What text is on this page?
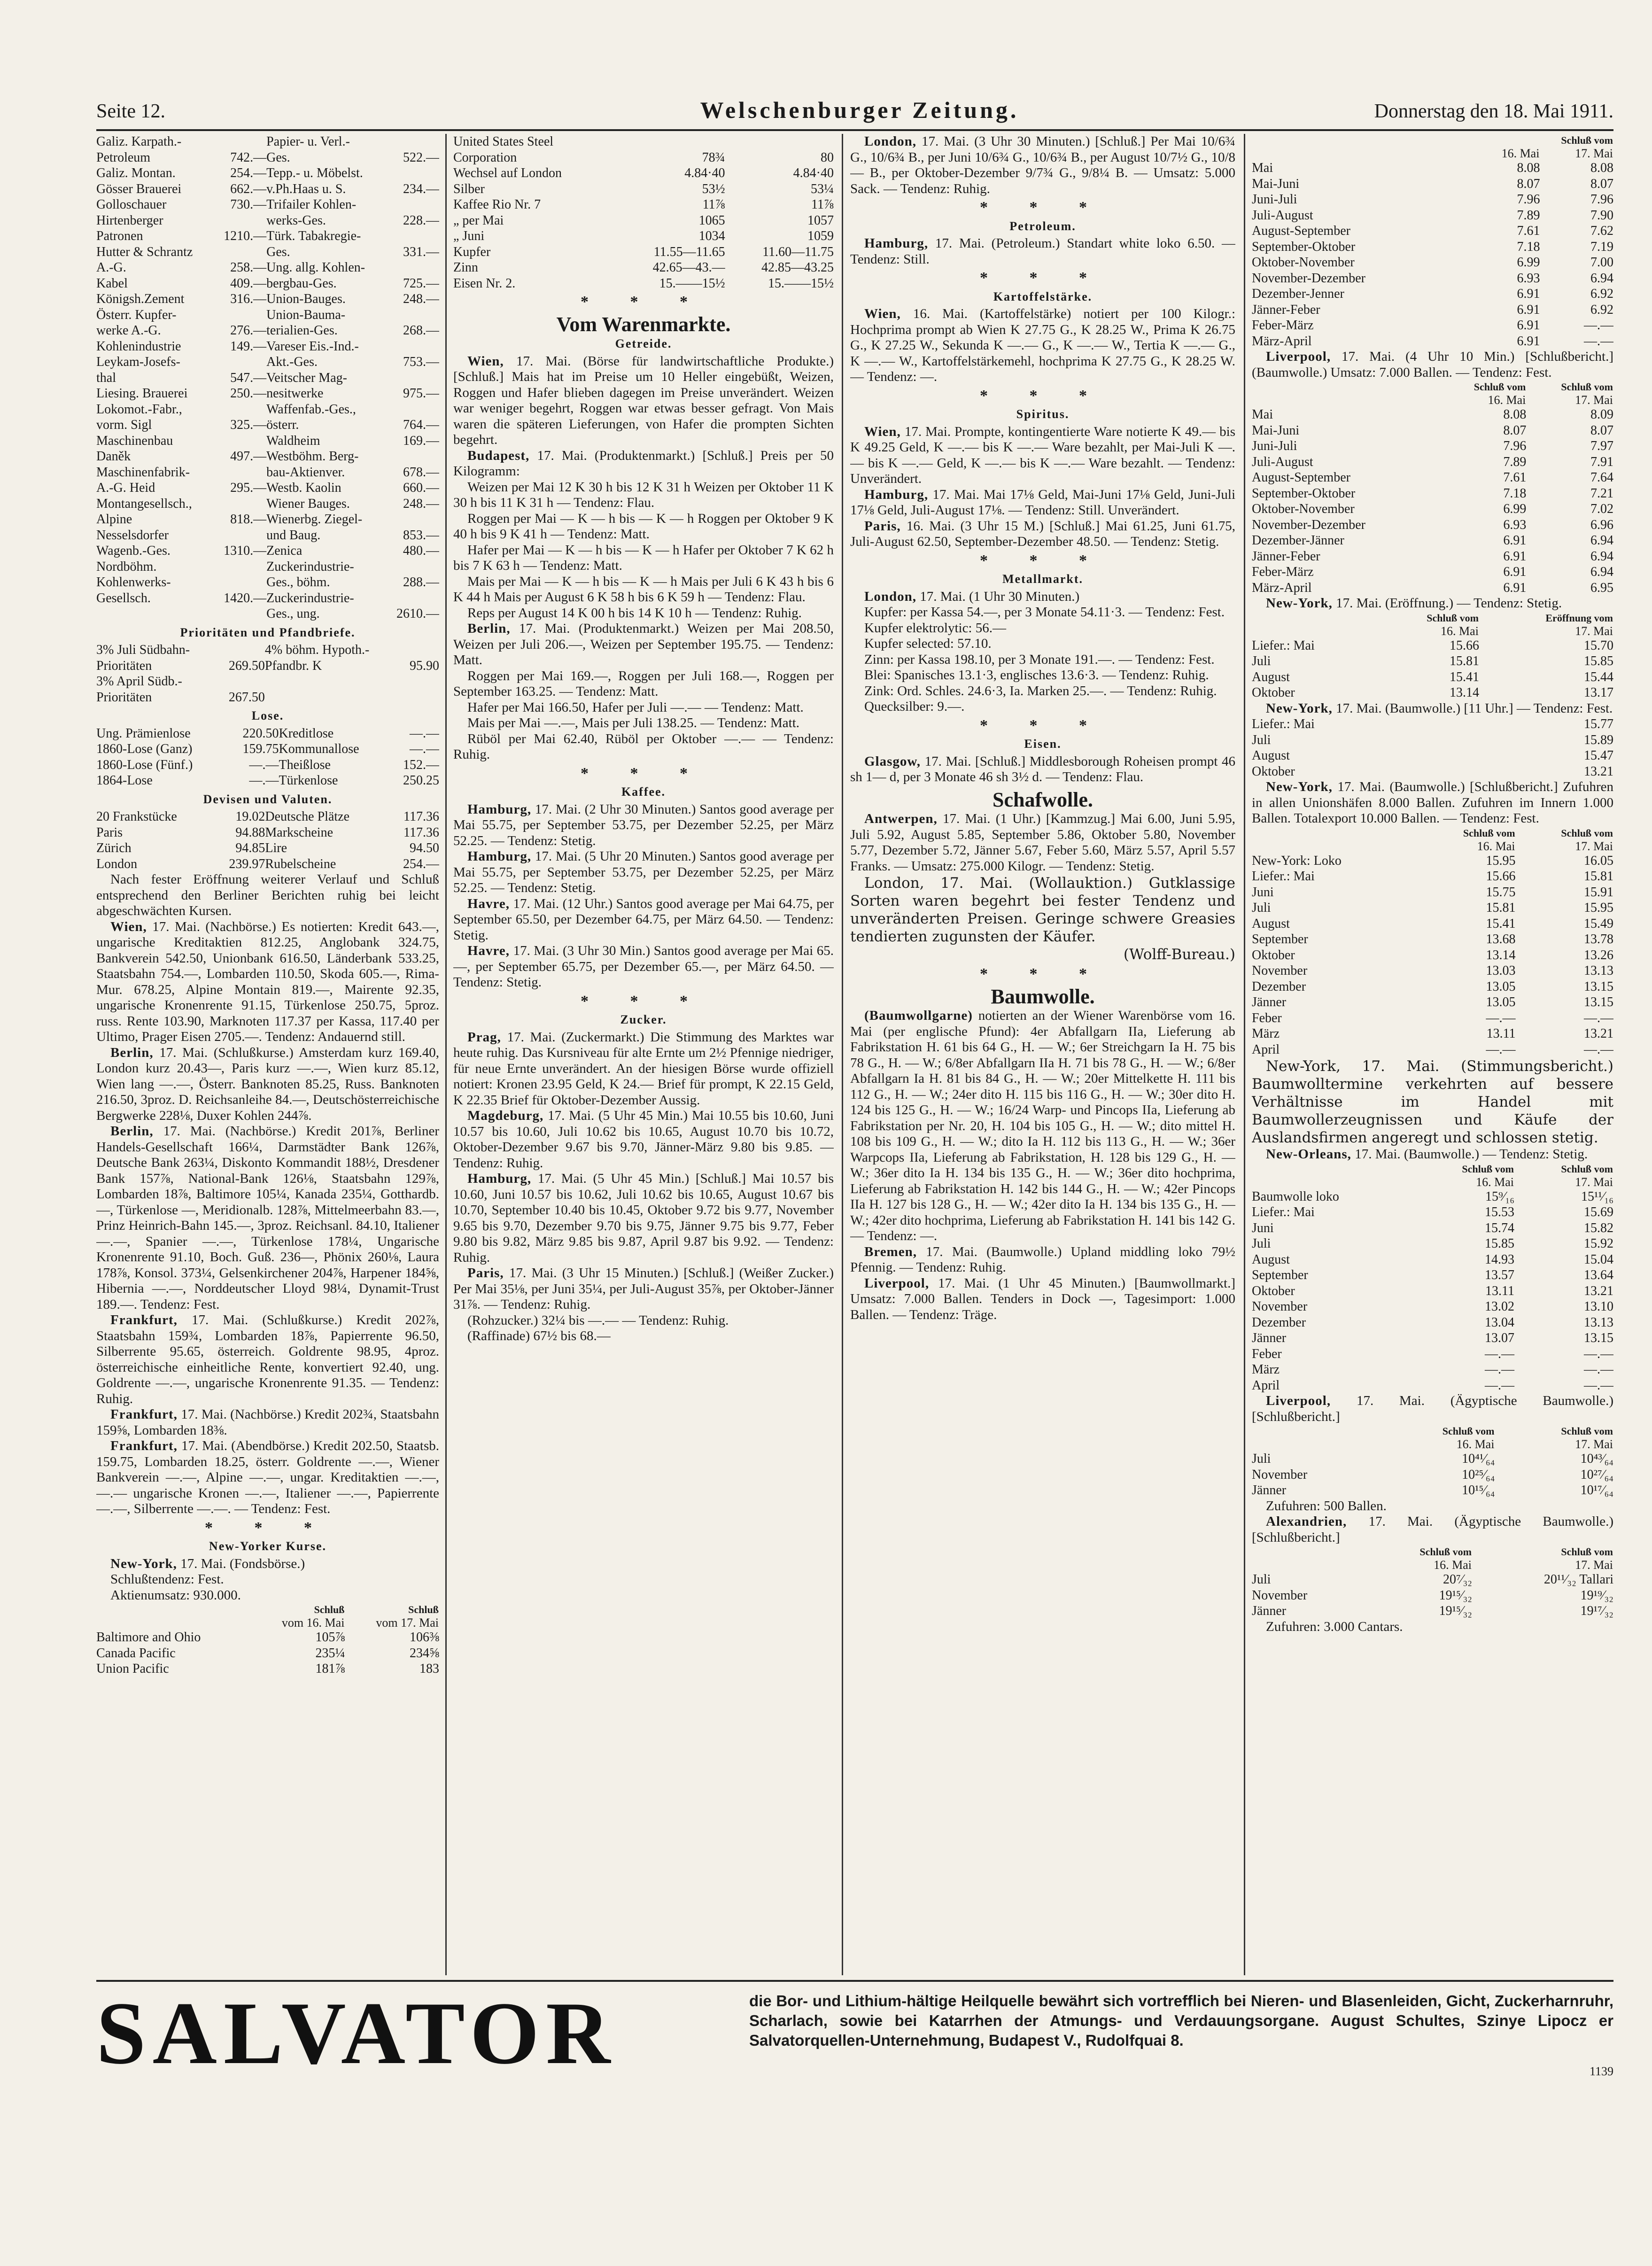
Seite 12.	Welschenburger Zeitung.	Donnerstag den 18. Mai 1911.
Galiz. Karpath.-		Papier- u. Verl.-	
Petroleum	742.—	Ges.	522.—
Galiz. Montan.	254.—	Tepp.- u. Möbelst.	
Gösser Brauerei	662.—	v.Ph.Haas u. S.	234.—
Golloschauer	730.—	Trifailer Kohlen-	
Hirtenberger		werks-Ges.	228.—
Patronen	1210.—	Türk. Tabakregie-	
Hutter & Schrantz		Ges.	331.—
A.-G.	258.—	Ung. allg. Kohlen-	
Kabel	409.—	bergbau-Ges.	725.—
Königsh.Zement	316.—	Union-Bauges.	248.—
Österr. Kupfer-		Union-Bauma-	
werke A.-G.	276.—	terialien-Ges.	268.—
Kohlenindustrie	149.—	Vareser Eis.-Ind.-	
Leykam-Josefs-		Akt.-Ges.	753.—
thal	547.—	Veitscher Mag-	
Liesing. Brauerei	250.—	nesitwerke	975.—
Lokomot.-Fabr.,		Waffenfab.-Ges.,	
vorm. Sigl	325.—	österr.	764.—
Maschinenbau		Waldheim	169.—
Daněk	497.—	Westböhm. Berg-	
Maschinenfabrik-		bau-Aktienver.	678.—
A.-G. Heid	295.—	Westb. Kaolin	660.—
Montangesellsch.,		Wiener Bauges.	248.—
Alpine	818.—	Wienerbg. Ziegel-	
Nesselsdorfer		und Baug.	853.—
Wagenb.-Ges.	1310.—	Zenica	480.—
Nordböhm.		Zuckerindustrie-	
Kohlenwerks-		Ges., böhm.	288.—
Gesellsch.	1420.—	Zuckerindustrie-	
		Ges., ung.	2610.—
Prioritäten und Pfandbriefe.
3% Juli Südbahn-		4% böhm. Hypoth.-	
Prioritäten	269.50	Pfandbr. K	95.90
3% April Südb.-			
Prioritäten	267.50		
Lose.
Ung. Prämienlose	220.50	Kreditlose	—.—
1860-Lose (Ganz)	159.75	Kommunallose	—.—
1860-Lose (Fünf.)	—.—	Theißlose	152.—
1864-Lose	—.—	Türkenlose	250.25
Devisen und Valuten.
20 Frankstücke	19.02	Deutsche Plätze	117.36
Paris	94.88	Markscheine	117.36
Zürich	94.85	Lire	94.50
London	239.97	Rubelscheine	254.—

Nach fester Eröffnung weiterer Verlauf und Schluß entsprechend den Berliner Berichten ruhig bei leicht abgeschwächten Kursen.

Wien, 17. Mai. (Nachbörse.) Es notierten: Kredit 643.—, ungarische Kreditaktien 812.25, Anglobank 324.75, Bankverein 542.50, Unionbank 616.50, Länderbank 533.25, Staatsbahn 754.—, Lombarden 110.50, Skoda 605.—, Rima-Mur. 678.25, Alpine Montain 819.—, Mairente 92.35, ungarische Kronenrente 91.15, Türkenlose 250.75, 5proz. russ. Rente 103.90, Marknoten 117.37 per Kassa, 117.40 per Ultimo, Prager Eisen 2705.—. Tendenz: Andauernd still.

Berlin, 17. Mai. (Schlußkurse.) Amsterdam kurz 169.40, London kurz 20.43—, Paris kurz —.—, Wien kurz 85.12, Wien lang —.—, Österr. Banknoten 85.25, Russ. Banknoten 216.50, 3proz. D. Reichsanleihe 84.—, Deutschösterreichische Bergwerke 228⅛, Duxer Kohlen 244⅞.

Berlin, 17. Mai. (Nachbörse.) Kredit 201⅞, Berliner Handels-Gesellschaft 166¼, Darmstädter Bank 126⅞, Deutsche Bank 263¼, Diskonto Kommandit 188½, Dresdener Bank 157⅞, National-Bank 126⅛, Staatsbahn 129⅞, Lombarden 18⅞, Baltimore 105¼, Kanada 235¼, Gotthardb. —, Türkenlose —, Meridionalb. 128⅞, Mittelmeerbahn 83.—, Prinz Heinrich-Bahn 145.—, 3proz. Reichsanl. 84.10, Italiener —.—, Spanier —.—, Türkenlose 178¼, Ungarische Kronenrente 91.10, Boch. Guß. 236—, Phönix 260⅛, Laura 178⅞, Konsol. 373¼, Gelsenkirchener 204⅞, Harpener 184⅝, Hibernia —.—, Norddeutscher Lloyd 98¼, Dynamit-Trust 189.—. Tendenz: Fest.

Frankfurt, 17. Mai. (Schlußkurse.) Kredit 202⅞, Staatsbahn 159¾, Lombarden 18⅞, Papierrente 96.50, Silberrente 95.65, österreich. Goldrente 98.95, 4proz. österreichische einheitliche Rente, konvertiert 92.40, ung. Goldrente —.—, ungarische Kronenrente 91.35. — Tendenz: Ruhig.

Frankfurt, 17. Mai. (Nachbörse.) Kredit 202¾, Staatsbahn 159⅝, Lombarden 18⅜.

Frankfurt, 17. Mai. (Abendbörse.) Kredit 202.50, Staatsb. 159.75, Lombarden 18.25, österr. Goldrente —.—, Wiener Bankverein —.—, Alpine —.—, ungar. Kreditaktien —.—, —.— ungarische Kronen —.—, Italiener —.—, Papierrente —.—, Silberrente —.—. — Tendenz: Fest.

* * *
New-Yorker Kurse.

New-York, 17. Mai. (Fondsbörse.)

Schlußtendenz: Fest.

Aktienumsatz: 930.000.

	Schluß	Schluß
	vom 16. Mai	vom 17. Mai
Baltimore and Ohio	105⅞	106⅜
Canada Pacific	235¼	234⅝
Union Pacific	181⅞	183
United States Steel		
Corporation	78¾	80
Wechsel auf London	4.84·40	4.84·40
Silber	53½	53¼
Kaffee Rio Nr. 7	11⅞	11⅞
„ per Mai	1065	1057
„ Juni	1034	1059
Kupfer	11.55—11.65	11.60—11.75
Zinn	42.65—43.—	42.85—43.25
Eisen Nr. 2.	15.——15½	15.——15½
* * *
Vom Warenmarkte.
Getreide.

Wien, 17. Mai. (Börse für landwirtschaftliche Produkte.) [Schluß.] Mais hat im Preise um 10 Heller eingebüßt, Weizen, Roggen und Hafer blieben dagegen im Preise unverändert. Weizen war weniger begehrt, Roggen war etwas besser gefragt. Von Mais waren die späteren Lieferungen, von Hafer die prompten Sichten begehrt.

Budapest, 17. Mai. (Produktenmarkt.) [Schluß.] Preis per 50 Kilogramm:

Weizen per Mai 12 K 30 h bis 12 K 31 h Weizen per Oktober 11 K 30 h bis 11 K 31 h — Tendenz: Flau.

Roggen per Mai — K — h bis — K — h Roggen per Oktober 9 K 40 h bis 9 K 41 h — Tendenz: Matt.

Hafer per Mai — K — h bis — K — h Hafer per Oktober 7 K 62 h bis 7 K 63 h — Tendenz: Matt.

Mais per Mai — K — h bis — K — h Mais per Juli 6 K 43 h bis 6 K 44 h Mais per August 6 K 58 h bis 6 K 59 h — Tendenz: Flau.

Reps per August 14 K 00 h bis 14 K 10 h — Tendenz: Ruhig.

Berlin, 17. Mai. (Produktenmarkt.) Weizen per Mai 208.50, Weizen per Juli 206.—, Weizen per September 195.75. — Tendenz: Matt.

Roggen per Mai 169.—, Roggen per Juli 168.—, Roggen per September 163.25. — Tendenz: Matt.

Hafer per Mai 166.50, Hafer per Juli —.— — Tendenz: Matt.

Mais per Mai —.—, Mais per Juli 138.25. — Tendenz: Matt.

Rüböl per Mai 62.40, Rüböl per Oktober —.— — Tendenz: Ruhig.

* * *
Kaffee.

Hamburg, 17. Mai. (2 Uhr 30 Minuten.) Santos good average per Mai 55.75, per September 53.75, per Dezember 52.25, per März 52.25. — Tendenz: Stetig.

Hamburg, 17. Mai. (5 Uhr 20 Minuten.) Santos good average per Mai 55.75, per September 53.75, per Dezember 52.25, per März 52.25. — Tendenz: Stetig.

Havre, 17. Mai. (12 Uhr.) Santos good average per Mai 64.75, per September 65.50, per Dezember 64.75, per März 64.50. — Tendenz: Stetig.

Havre, 17. Mai. (3 Uhr 30 Min.) Santos good average per Mai 65.—, per September 65.75, per Dezember 65.—, per März 64.50. — Tendenz: Stetig.

* * *
Zucker.

Prag, 17. Mai. (Zuckermarkt.) Die Stimmung des Marktes war heute ruhig. Das Kursniveau für alte Ernte um 2½ Pfennige niedriger, für neue Ernte unverändert. An der hiesigen Börse wurde offiziell notiert: Kronen 23.95 Geld, K 24.— Brief für prompt, K 22.15 Geld, K 22.35 Brief für Oktober-Dezember Aussig.

Magdeburg, 17. Mai. (5 Uhr 45 Min.) Mai 10.55 bis 10.60, Juni 10.57 bis 10.60, Juli 10.62 bis 10.65, August 10.70 bis 10.72, Oktober-Dezember 9.67 bis 9.70, Jänner-März 9.80 bis 9.85. — Tendenz: Ruhig.

Hamburg, 17. Mai. (5 Uhr 45 Min.) [Schluß.] Mai 10.57 bis 10.60, Juni 10.57 bis 10.62, Juli 10.62 bis 10.65, August 10.67 bis 10.70, September 10.40 bis 10.45, Oktober 9.72 bis 9.77, November 9.65 bis 9.70, Dezember 9.70 bis 9.75, Jänner 9.75 bis 9.77, Feber 9.80 bis 9.82, März 9.85 bis 9.87, April 9.87 bis 9.92. — Tendenz: Ruhig.

Paris, 17. Mai. (3 Uhr 15 Minuten.) [Schluß.] (Weißer Zucker.) Per Mai 35⅛, per Juni 35¼, per Juli-August 35⅞, per Oktober-Jänner 31⅞. — Tendenz: Ruhig.

(Rohzucker.) 32¼ bis —.— — Tendenz: Ruhig.

(Raffinade) 67½ bis 68.—

London, 17. Mai. (3 Uhr 30 Minuten.) [Schluß.] Per Mai 10/6¾ G., 10/6¾ B., per Juni 10/6¾ G., 10/6¾ B., per August 10/7½ G., 10/8— B., per Oktober-Dezember 9/7¾ G., 9/8¼ B. — Umsatz: 5.000 Sack. — Tendenz: Ruhig.

* * *
Petroleum.

Hamburg, 17. Mai. (Petroleum.) Standart white loko 6.50. — Tendenz: Still.

* * *
Kartoffelstärke.

Wien, 16. Mai. (Kartoffelstärke) notiert per 100 Kilogr.: Hochprima prompt ab Wien K 27.75 G., K 28.25 W., Prima K 26.75 G., K 27.25 W., Sekunda K —.— G., K —.— W., Tertia K —.— G., K —.— W., Kartoffelstärkemehl, hochprima K 27.75 G., K 28.25 W. — Tendenz: —.

* * *
Spiritus.

Wien, 17. Mai. Prompte, kontingentierte Ware notierte K 49.— bis K 49.25 Geld, K —.— bis K —.— Ware bezahlt, per Mai-Juli K —.— bis K —.— Geld, K —.— bis K —.— Ware bezahlt. — Tendenz: Unverändert.

Hamburg, 17. Mai. Mai 17⅛ Geld, Mai-Juni 17⅛ Geld, Juni-Juli 17⅛ Geld, Juli-August 17⅛. — Tendenz: Still. Unverändert.

Paris, 16. Mai. (3 Uhr 15 M.) [Schluß.] Mai 61.25, Juni 61.75, Juli-August 62.50, September-Dezember 48.50. — Tendenz: Stetig.

* * *
Metallmarkt.

London, 17. Mai. (1 Uhr 30 Minuten.)

Kupfer: per Kassa 54.—, per 3 Monate 54.11·3. — Tendenz: Fest.

Kupfer elektrolytic: 56.—

Kupfer selected: 57.10.

Zinn: per Kassa 198.10, per 3 Monate 191.—. — Tendenz: Fest.

Blei: Spanisches 13.1·3, englisches 13.6·3. — Tendenz: Ruhig.

Zink: Ord. Schles. 24.6·3, Ia. Marken 25.—. — Tendenz: Ruhig.

Quecksilber: 9.—.

* * *
Eisen.

Glasgow, 17. Mai. [Schluß.] Middlesborough Roheisen prompt 46 sh 1— d, per 3 Monate 46 sh 3½ d. — Tendenz: Flau.

Schafwolle.

Antwerpen, 17. Mai. (1 Uhr.) [Kammzug.] Mai 6.00, Juni 5.95, Juli 5.92, August 5.85, September 5.86, Oktober 5.80, November 5.77, Dezember 5.72, Jänner 5.67, Feber 5.60, März 5.57, April 5.57 Franks. — Umsatz: 275.000 Kilogr. — Tendenz: Stetig.

London, 17. Mai. (Wollauktion.) Gutklassige Sorten waren begehrt bei fester Tendenz und unveränderten Preisen. Geringe schwere Greasies tendierten zugunsten der Käufer.

(Wolff-Bureau.)

* * *
Baumwolle.

(Baumwollgarne) notierten an der Wiener Warenbörse vom 16. Mai (per englische Pfund): 4er Abfallgarn IIa, Lieferung ab Fabrikstation H. 61 bis 64 G., H. — W.; 6er Streichgarn Ia H. 75 bis 78 G., H. — W.; 6/8er Abfallgarn IIa H. 71 bis 78 G., H. — W.; 6/8er Abfallgarn Ia H. 81 bis 84 G., H. — W.; 20er Mittelkette H. 111 bis 112 G., H. — W.; 24er dito H. 115 bis 116 G., H. — W.; 30er dito H. 124 bis 125 G., H. — W.; 16/24 Warp- und Pincops IIa, Lieferung ab Fabrikstation per Nr. 20, H. 104 bis 105 G., H. — W.; dito mittel H. 108 bis 109 G., H. — W.; dito Ia H. 112 bis 113 G., H. — W.; 36er Warpcops IIa, Lieferung ab Fabrikstation, H. 128 bis 129 G., H. — W.; 36er dito Ia H. 134 bis 135 G., H. — W.; 36er dito hochprima, Lieferung ab Fabrikstation H. 142 bis 144 G., H. — W.; 42er Pincops IIa H. 127 bis 128 G., H. — W.; 42er dito Ia H. 134 bis 135 G., H. — W.; 42er dito hochprima, Lieferung ab Fabrikstation H. 141 bis 142 G. — Tendenz: —.

Bremen, 17. Mai. (Baumwolle.) Upland middling loko 79½ Pfennig. — Tendenz: Ruhig.

Liverpool, 17. Mai. (1 Uhr 45 Minuten.) [Baumwollmarkt.] Umsatz: 7.000 Ballen. Tenders in Dock —, Tagesimport: 1.000 Ballen. — Tendenz: Träge.

	Schluß vom	
	16. Mai	17. Mai
Mai	8.08	8.08
Mai-Juni	8.07	8.07
Juni-Juli	7.96	7.96
Juli-August	7.89	7.90
August-September	7.61	7.62
September-Oktober	7.18	7.19
Oktober-November	6.99	7.00
November-Dezember	6.93	6.94
Dezember-Jenner	6.91	6.92
Jänner-Feber	6.91	6.92
Feber-März	6.91	—.—
März-April	6.91	—.—

Liverpool, 17. Mai. (4 Uhr 10 Min.) [Schlußbericht.] (Baumwolle.) Umsatz: 7.000 Ballen. — Tendenz: Fest.

	Schluß vom	Schluß vom
	16. Mai	17. Mai
Mai	8.08	8.09
Mai-Juni	8.07	8.07
Juni-Juli	7.96	7.97
Juli-August	7.89	7.91
August-September	7.61	7.64
September-Oktober	7.18	7.21
Oktober-November	6.99	7.02
November-Dezember	6.93	6.96
Dezember-Jänner	6.91	6.94
Jänner-Feber	6.91	6.94
Feber-März	6.91	6.94
März-April	6.91	6.95

New-York, 17. Mai. (Eröffnung.) — Tendenz: Stetig.

	Schluß vom	Eröffnung vom
	16. Mai	17. Mai
Liefer.: Mai	15.66	15.70
Juli	15.81	15.85
August	15.41	15.44
Oktober	13.14	13.17

New-York, 17. Mai. (Baumwolle.) [11 Uhr.] — Tendenz: Fest.

Liefer.: Mai		15.77
Juli		15.89
August		15.47
Oktober		13.21

New-York, 17. Mai. (Baumwolle.) [Schlußbericht.] Zufuhren in allen Unionshäfen 8.000 Ballen. Zufuhren im Innern 1.000 Ballen. Totalexport 10.000 Ballen. — Tendenz: Fest.

	Schluß vom	Schluß vom
	16. Mai	17. Mai
New-York: Loko	15.95	16.05
Liefer.: Mai	15.66	15.81
Juni	15.75	15.91
Juli	15.81	15.95
August	15.41	15.49
September	13.68	13.78
Oktober	13.14	13.26
November	13.03	13.13
Dezember	13.05	13.15
Jänner	13.05	13.15
Feber	—.—	—.—
März	13.11	13.21
April	—.—	—.—

New-York, 17. Mai. (Stimmungsbericht.) Baumwolltermine verkehrten auf bessere Verhältnisse im Handel mit Baumwollerzeugnissen und Käufe der Auslandsfirmen angeregt und schlossen stetig.

New-Orleans, 17. Mai. (Baumwolle.) — Tendenz: Stetig.

	Schluß vom	Schluß vom
	16. Mai	17. Mai
Baumwolle loko	15⁹⁄₁₆	15¹¹⁄₁₆
Liefer.: Mai	15.53	15.69
Juni	15.74	15.82
Juli	15.85	15.92
August	14.93	15.04
September	13.57	13.64
Oktober	13.11	13.21
November	13.02	13.10
Dezember	13.04	13.13
Jänner	13.07	13.15
Feber	—.—	—.—
März	—.—	—.—
April	—.—	—.—

Liverpool, 17. Mai. (Ägyptische Baumwolle.) [Schlußbericht.]

	Schluß vom	Schluß vom
	16. Mai	17. Mai
Juli	10⁴¹⁄₆₄	10⁴³⁄₆₄
November	10²⁵⁄₆₄	10²⁷⁄₆₄
Jänner	10¹⁵⁄₆₄	10¹⁷⁄₆₄

Zufuhren: 500 Ballen.

Alexandrien, 17. Mai. (Ägyptische Baumwolle.) [Schlußbericht.]

	Schluß vom	Schluß vom
	16. Mai	17. Mai
Juli	20⁷⁄₃₂	20¹¹⁄₃₂ Tallari
November	19¹⁵⁄₃₂	19¹⁹⁄₃₂
Jänner	19¹⁵⁄₃₂	19¹⁷⁄₃₂

Zufuhren: 3.000 Cantars.

SALVATOR	die Bor- und Lithium-hältige Heilquelle bewährt sich vortrefflich bei Nieren- und Blasenleiden, Gicht, Zuckerharnruhr, Scharlach, sowie bei Katarrhen der Atmungs- und Verdauungsorgane. August Schultes, Szinye Lipocz er Salvatorquellen-Unternehmung, Budapest V., Rudolfquai 8.
1139
